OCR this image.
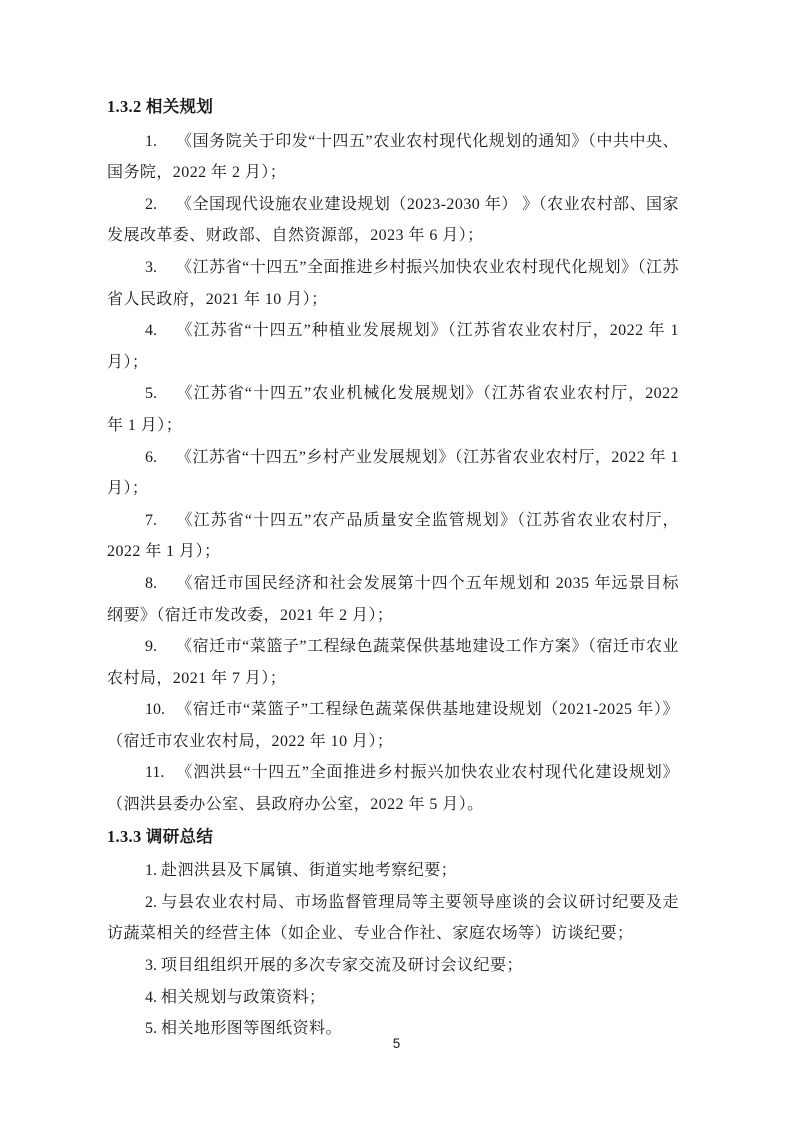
1.3.2 相关规划

1. 《国务院关于印发“十四五”农业农村现代化规划的通知》（中共中央、国务院，2022 年 2 月）；

2. 《全国现代设施农业建设规划（2023-2030 年） 》（农业农村部、国家发展改革委、财政部、自然资源部，2023 年 6 月）；

3. 《江苏省“十四五”全面推进乡村振兴加快农业农村现代化规划》（江苏省人民政府，2021 年 10 月）；

4. 《江苏省“十四五”种植业发展规划》（江苏省农业农村厅，2022 年 1 月）；

5. 《江苏省“十四五”农业机械化发展规划》（江苏省农业农村厅，2022 年 1 月）；

6. 《江苏省“十四五”乡村产业发展规划》（江苏省农业农村厅，2022 年 1 月）；

7. 《江苏省“十四五”农产品质量安全监管规划》（江苏省农业农村厅，2022 年 1 月）；

8. 《宿迁市国民经济和社会发展第十四个五年规划和 2035 年远景目标纲要》（宿迁市发改委，2021 年 2 月）；

9. 《宿迁市“菜篮子”工程绿色蔬菜保供基地建设工作方案》（宿迁市农业农村局，2021 年 7 月）；

10. 《宿迁市“菜篮子”工程绿色蔬菜保供基地建设规划（2021-2025 年）》（宿迁市农业农村局，2022 年 10 月）；

11. 《泗洪县“十四五”全面推进乡村振兴加快农业农村现代化建设规划》（泗洪县委办公室、县政府办公室，2022 年 5 月）。

1.3.3 调研总结

1. 赴泗洪县及下属镇、街道实地考察纪要；

2. 与县农业农村局、市场监督管理局等主要领导座谈的会议研讨纪要及走访蔬菜相关的经营主体（如企业、专业合作社、家庭农场等）访谈纪要；

3. 项目组组织开展的多次专家交流及研讨会议纪要；

4. 相关规划与政策资料；

5. 相关地形图等图纸资料。

5
